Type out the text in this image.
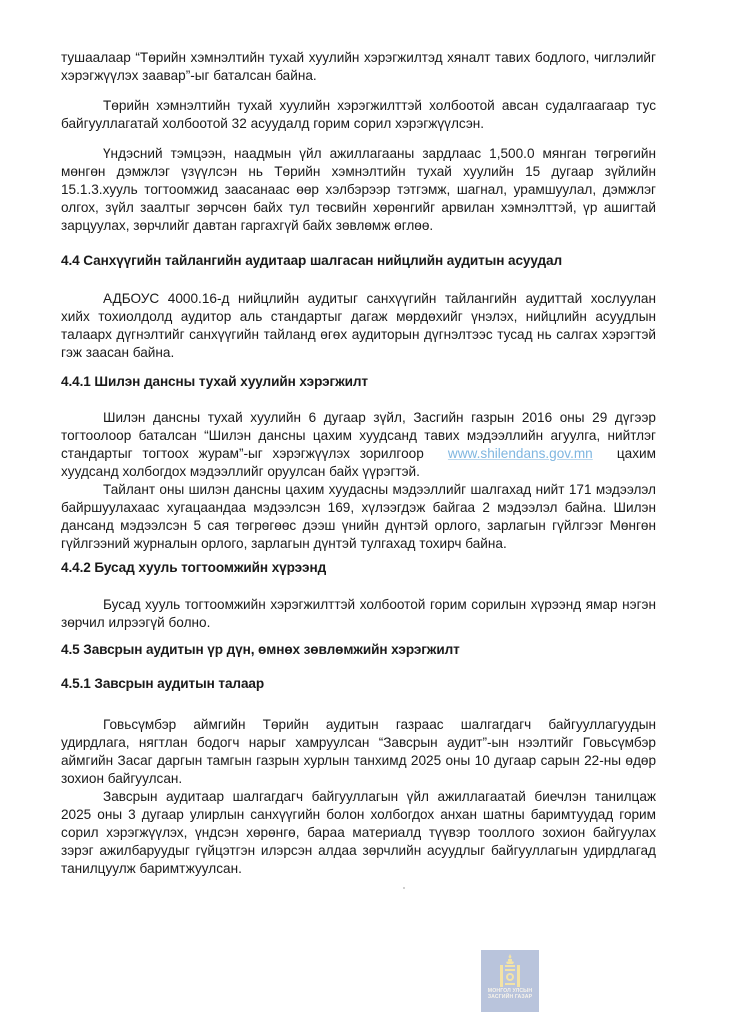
тушаалаар “Төрийн хэмнэлтийн тухай хуулийн хэрэгжилтэд хяналт тавих бодлого, чиглэлийг
хэрэгжүүлэх заавар”-ыг баталсан байна.
Төрийн хэмнэлтийн тухай хуулийн хэрэгжилттэй холбоотой авсан судалгаагаар тус
байгууллагатай холбоотой 32 асуудалд горим сорил хэрэгжүүлсэн.
Үндэсний тэмцээн, наадмын үйл ажиллагааны зардлаас 1,500.0 мянган төгрөгийн
мөнгөн дэмжлэг үзүүлсэн нь Төрийн хэмнэлтийн тухай хуулийн 15 дугаар зүйлийн
15.1.3.хууль тогтоомжид заасанаас өөр хэлбэрээр тэтгэмж, шагнал, урамшуулал, дэмжлэг
олгох, зүйл заалтыг зөрчсөн байх тул төсвийн хөрөнгийг арвилан хэмнэлттэй, үр ашигтай
зарцуулах, зөрчлийг давтан гаргахгүй байх зөвлөмж өглөө.
4.4 Санхүүгийн тайлангийн аудитаар шалгасан нийцлийн аудитын асуудал
АДБОУС 4000.16-д нийцлийн аудитыг санхүүгийн тайлангийн аудиттай хослуулан
хийх тохиолдолд аудитор аль стандартыг дагаж мөрдөхийг үнэлэх, нийцлийн асуудлын
талаарх дүгнэлтийг санхүүгийн тайланд өгөх аудиторын дүгнэлтээс тусад нь салгах хэрэгтэй
гэж заасан байна.
4.4.1 Шилэн дансны тухай хуулийн хэрэгжилт
Шилэн дансны тухай хуулийн 6 дугаар зүйл, Засгийн газрын 2016 оны 29 дүгээр
тогтоолоор баталсан “Шилэн дансны цахим хуудсанд тавих мэдээллийн агуулга, нийтлэг
стандартыг тогтоох журам”-ыг хэрэгжүүлэх зорилгоор www.shilendans.gov.mn цахим
хуудсанд холбогдох мэдээллийг оруулсан байх үүрэгтэй.
Тайлант оны шилэн дансны цахим хуудасны мэдээллийг шалгахад нийт 171 мэдээлэл
байршуулахаас хугацаандаа мэдээлсэн 169, хүлээгдэж байгаа 2 мэдээлэл байна. Шилэн
дансанд мэдээлсэн 5 сая төгрөгөөс дээш үнийн дүнтэй орлого, зарлагын гүйлгээг Мөнгөн
гүйлгээний журналын орлого, зарлагын дүнтэй тулгахад тохирч байна.
4.4.2 Бусад хууль тогтоомжийн хүрээнд
Бусад хууль тогтоомжийн хэрэгжилттэй холбоотой горим сорилын хүрээнд ямар нэгэн
зөрчил илрээгүй болно.
4.5 Завсрын аудитын үр дүн, өмнөх зөвлөмжийн хэрэгжилт
4.5.1 Завсрын аудитын талаар
Говьсүмбэр аймгийн Төрийн аудитын газраас шалгагдагч байгууллагуудын
удирдлага, нягтлан бодогч нарыг хамруулсан “Завсрын аудит”-ын нээлтийг Говьсүмбэр
аймгийн Засаг даргын тамгын газрын хурлын танхимд 2025 оны 10 дугаар сарын 22-ны өдөр
зохион байгуулсан.
Завсрын аудитаар шалгагдагч байгууллагын үйл ажиллагаатай биечлэн танилцаж
2025 оны 3 дугаар улирлын санхүүгийн болон холбогдох анхан шатны баримтуудад горим
сорил хэрэгжүүлэх, үндсэн хөрөнгө, бараа материалд түүвэр тооллого зохион байгуулах
зэрэг ажилбаруудыг гүйцэтгэн илэрсэн алдаа зөрчлийн асуудлыг байгууллагын удирдлагад
танилцуулж баримтжуулсан.
МОНГОЛ УЛСЫН
ЗАСГИЙН ГАЗАР
